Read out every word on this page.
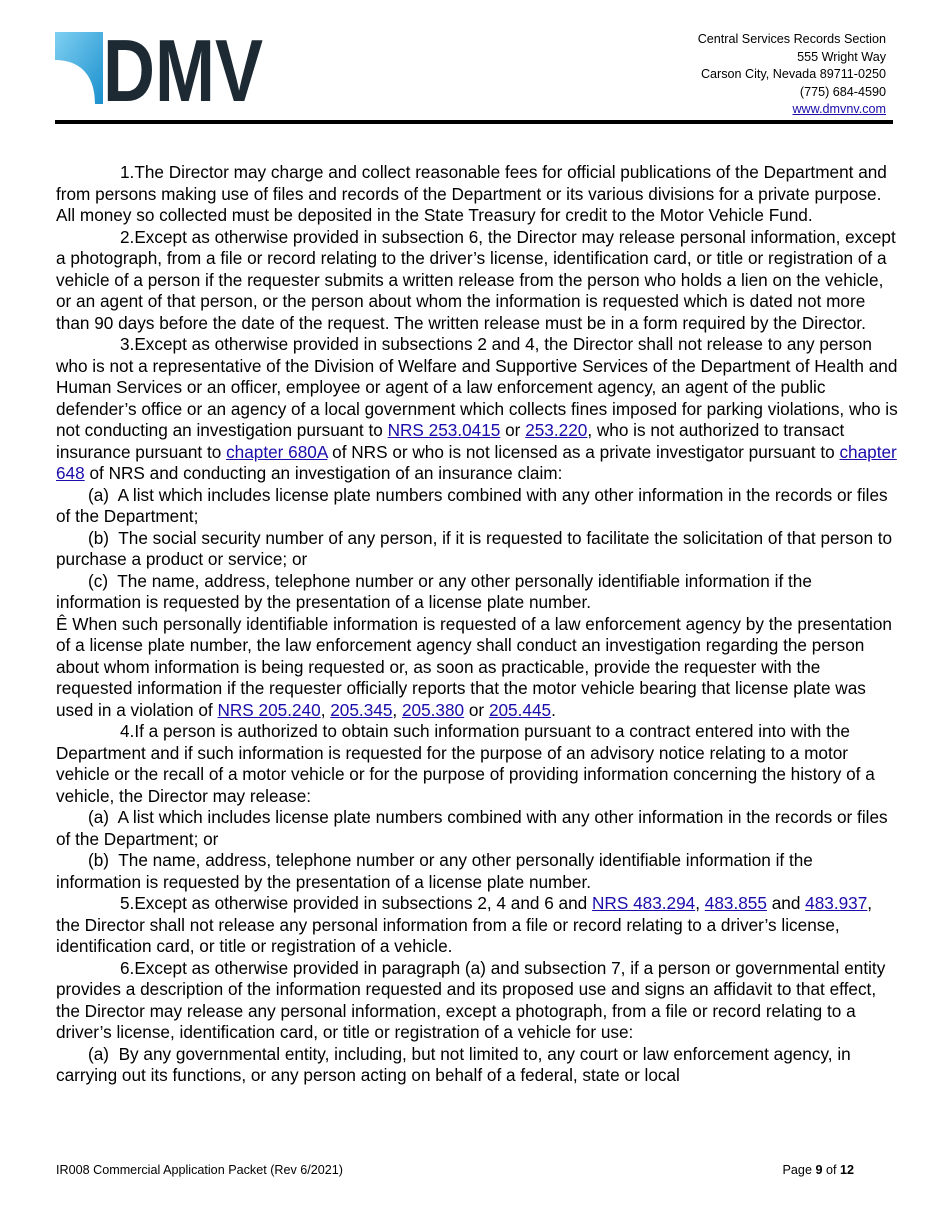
DMV	Central Services Records Section
555 Wright Way
Carson City, Nevada 89711-0250
(775) 684-4590
www.dmvnv.com

1.The Director may charge and collect reasonable fees for official publications of the Department and from persons making use of files and records of the Department or its various divisions for a private purpose. All money so collected must be deposited in the State Treasury for credit to the Motor Vehicle Fund.

2.Except as otherwise provided in subsection 6, the Director may release personal information, except a photograph, from a file or record relating to the driver’s license, identification card, or title or registration of a vehicle of a person if the requester submits a written release from the person who holds a lien on the vehicle, or an agent of that person, or the person about whom the information is requested which is dated not more than 90 days before the date of the request. The written release must be in a form required by the Director.

3.Except as otherwise provided in subsections 2 and 4, the Director shall not release to any person who is not a representative of the Division of Welfare and Supportive Services of the Department of Health and Human Services or an officer, employee or agent of a law enforcement agency, an agent of the public defender’s office or an agency of a local government which collects fines imposed for parking violations, who is not conducting an investigation pursuant to NRS 253.0415 or 253.220, who is not authorized to transact insurance pursuant to chapter 680A of NRS or who is not licensed as a private investigator pursuant to chapter 648 of NRS and conducting an investigation of an insurance claim:

(a) A list which includes license plate numbers combined with any other information in the records or files of the Department;

(b) The social security number of any person, if it is requested to facilitate the solicitation of that person to purchase a product or service; or

(c) The name, address, telephone number or any other personally identifiable information if the information is requested by the presentation of a license plate number.

Ê When such personally identifiable information is requested of a law enforcement agency by the presentation of a license plate number, the law enforcement agency shall conduct an investigation regarding the person about whom information is being requested or, as soon as practicable, provide the requester with the requested information if the requester officially reports that the motor vehicle bearing that license plate was used in a violation of NRS 205.240, 205.345, 205.380 or 205.445.

4.If a person is authorized to obtain such information pursuant to a contract entered into with the Department and if such information is requested for the purpose of an advisory notice relating to a motor vehicle or the recall of a motor vehicle or for the purpose of providing information concerning the history of a vehicle, the Director may release:

(a) A list which includes license plate numbers combined with any other information in the records or files of the Department; or

(b) The name, address, telephone number or any other personally identifiable information if the information is requested by the presentation of a license plate number.

5.Except as otherwise provided in subsections 2, 4 and 6 and NRS 483.294, 483.855 and 483.937, the Director shall not release any personal information from a file or record relating to a driver’s license, identification card, or title or registration of a vehicle.

6.Except as otherwise provided in paragraph (a) and subsection 7, if a person or governmental entity provides a description of the information requested and its proposed use and signs an affidavit to that effect, the Director may release any personal information, except a photograph, from a file or record relating to a driver’s license, identification card, or title or registration of a vehicle for use:

(a) By any governmental entity, including, but not limited to, any court or law enforcement agency, in carrying out its functions, or any person acting on behalf of a federal, state or local

IR008 Commercial Application Packet (Rev 6/2021)	Page 9 of 12
